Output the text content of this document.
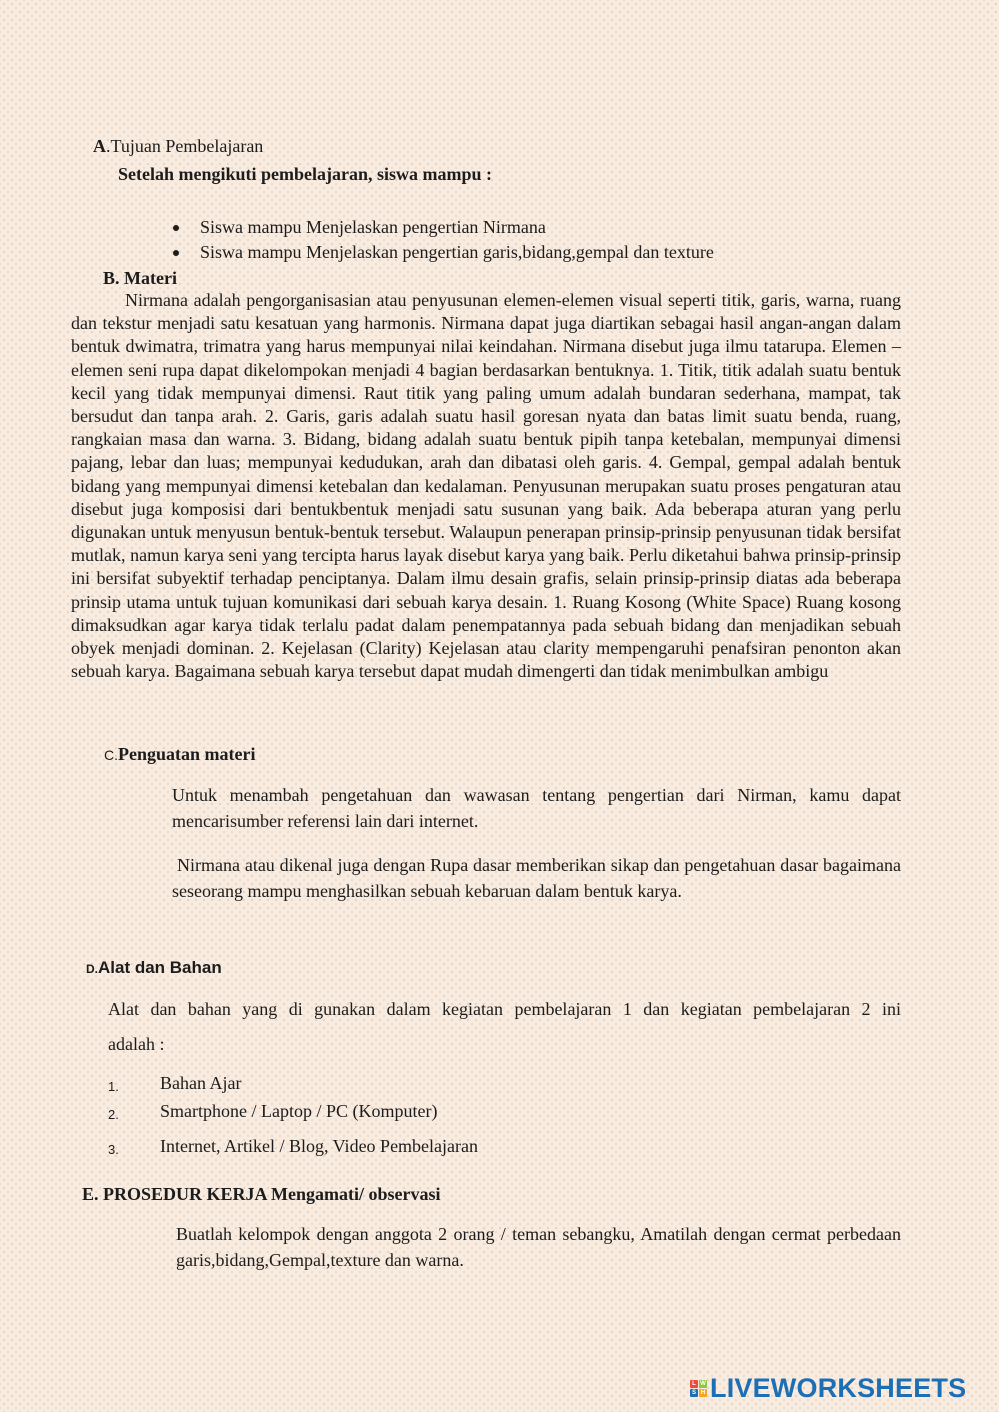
A.Tujuan Pembelajaran
Setelah mengikuti pembelajaran, siswa mampu :
Siswa mampu Menjelaskan pengertian Nirmana
Siswa mampu Menjelaskan pengertian garis,bidang,gempal dan texture
B. Materi
Nirmana adalah pengorganisasian atau penyusunan elemen-elemen visual seperti titik, garis, warna, ruang dan tekstur menjadi satu kesatuan yang harmonis. Nirmana dapat juga diartikan sebagai hasil angan-angan dalam bentuk dwimatra, trimatra yang harus mempunyai nilai keindahan. Nirmana disebut juga ilmu tatarupa. Elemen –elemen seni rupa dapat dikelompokan menjadi 4 bagian berdasarkan bentuknya. 1. Titik, titik adalah suatu bentuk kecil yang tidak mempunyai dimensi. Raut titik yang paling umum adalah bundaran sederhana, mampat, tak bersudut dan tanpa arah. 2. Garis, garis adalah suatu hasil goresan nyata dan batas limit suatu benda, ruang, rangkaian masa dan warna. 3. Bidang, bidang adalah suatu bentuk pipih tanpa ketebalan, mempunyai dimensi pajang, lebar dan luas; mempunyai kedudukan, arah dan dibatasi oleh garis. 4. Gempal, gempal adalah bentuk bidang yang mempunyai dimensi ketebalan dan kedalaman. Penyusunan merupakan suatu proses pengaturan atau disebut juga komposisi dari bentukbentuk menjadi satu susunan yang baik. Ada beberapa aturan yang perlu digunakan untuk menyusun bentuk-bentuk tersebut. Walaupun penerapan prinsip-prinsip penyusunan tidak bersifat mutlak, namun karya seni yang tercipta harus layak disebut karya yang baik. Perlu diketahui bahwa prinsip-prinsip ini bersifat subyektif terhadap penciptanya. Dalam ilmu desain grafis, selain prinsip-prinsip diatas ada beberapa prinsip utama untuk tujuan komunikasi dari sebuah karya desain. 1. Ruang Kosong (White Space) Ruang kosong dimaksudkan agar karya tidak terlalu padat dalam penempatannya pada sebuah bidang dan menjadikan sebuah obyek menjadi dominan. 2. Kejelasan (Clarity) Kejelasan atau clarity mempengaruhi penafsiran penonton akan sebuah karya. Bagaimana sebuah karya tersebut dapat mudah dimengerti dan tidak menimbulkan ambigu
C.Penguatan materi
Untuk menambah pengetahuan dan wawasan tentang pengertian dari Nirman, kamu dapat mencarisumber referensi lain dari internet.
Nirmana atau dikenal juga dengan Rupa dasar memberikan sikap dan pengetahuan dasar bagaimana seseorang mampu menghasilkan sebuah kebaruan dalam bentuk karya.
D.Alat dan Bahan
Alat dan bahan yang di gunakan dalam kegiatan pembelajaran 1 dan kegiatan pembelajaran 2 ini
adalah :
1. Bahan Ajar
2. Smartphone / Laptop / PC (Komputer)
3. Internet, Artikel / Blog, Video Pembelajaran
E. PROSEDUR KERJA Mengamati/ observasi
Buatlah kelompok dengan anggota 2 orang / teman sebangku, Amatilah dengan cermat perbedaan garis,bidang,Gempal,texture dan warna.
L W
S H LIVEWORKSHEETS
